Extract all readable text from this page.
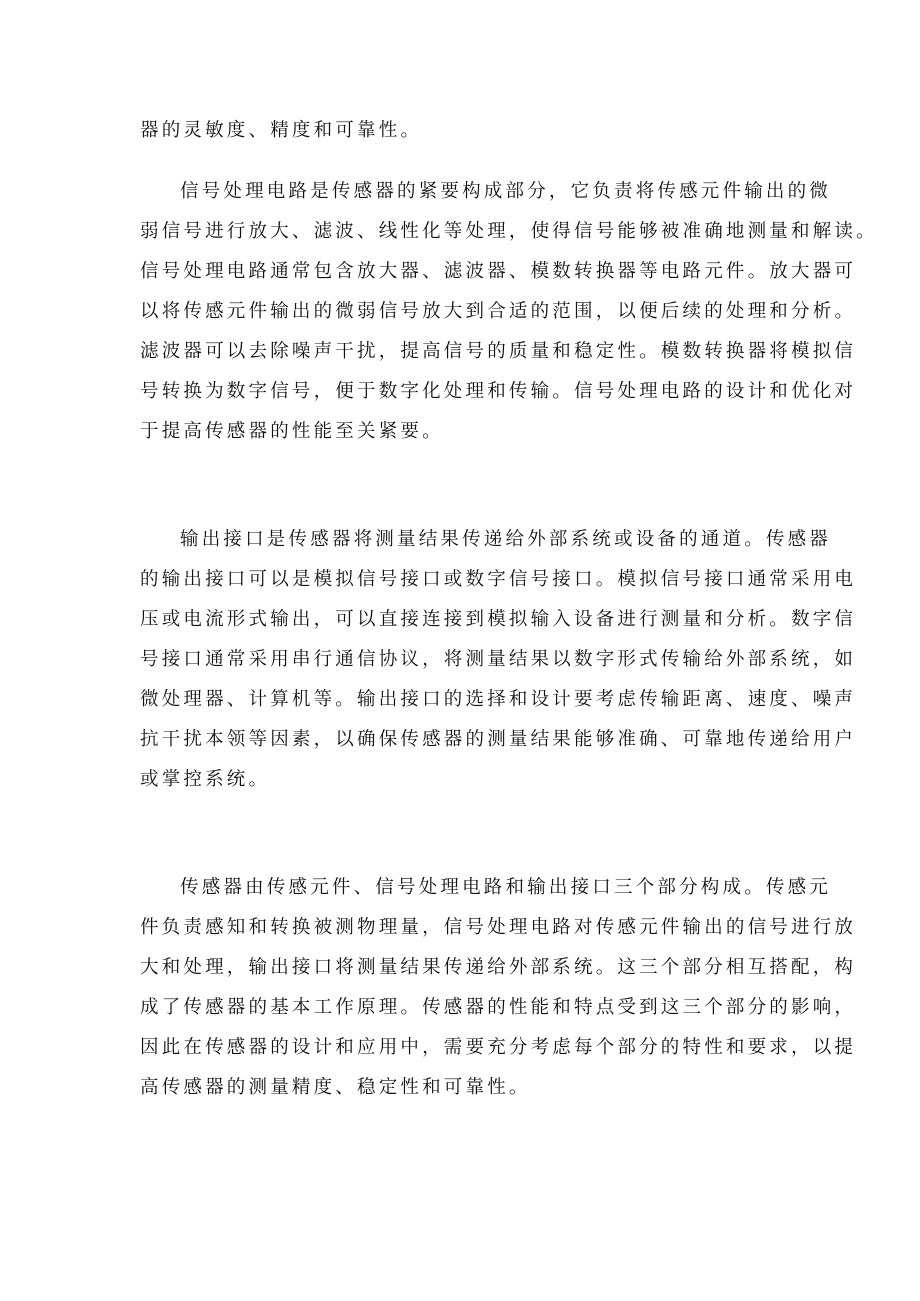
器的灵敏度、精度和可靠性。
信号处理电路是传感器的紧要构成部分，它负责将传感元件输出的微
弱信号进行放大、滤波、线性化等处理，使得信号能够被准确地测量和解读。
信号处理电路通常包含放大器、滤波器、模数转换器等电路元件。放大器可
以将传感元件输出的微弱信号放大到合适的范围，以便后续的处理和分析。
滤波器可以去除噪声干扰，提高信号的质量和稳定性。模数转换器将模拟信
号转换为数字信号，便于数字化处理和传输。信号处理电路的设计和优化对
于提高传感器的性能至关紧要。
输出接口是传感器将测量结果传递给外部系统或设备的通道。传感器
的输出接口可以是模拟信号接口或数字信号接口。模拟信号接口通常采用电
压或电流形式输出，可以直接连接到模拟输入设备进行测量和分析。数字信
号接口通常采用串行通信协议，将测量结果以数字形式传输给外部系统，如
微处理器、计算机等。输出接口的选择和设计要考虑传输距离、速度、噪声
抗干扰本领等因素，以确保传感器的测量结果能够准确、可靠地传递给用户
或掌控系统。
传感器由传感元件、信号处理电路和输出接口三个部分构成。传感元
件负责感知和转换被测物理量，信号处理电路对传感元件输出的信号进行放
大和处理，输出接口将测量结果传递给外部系统。这三个部分相互搭配，构
成了传感器的基本工作原理。传感器的性能和特点受到这三个部分的影响，
因此在传感器的设计和应用中，需要充分考虑每个部分的特性和要求，以提
高传感器的测量精度、稳定性和可靠性。
